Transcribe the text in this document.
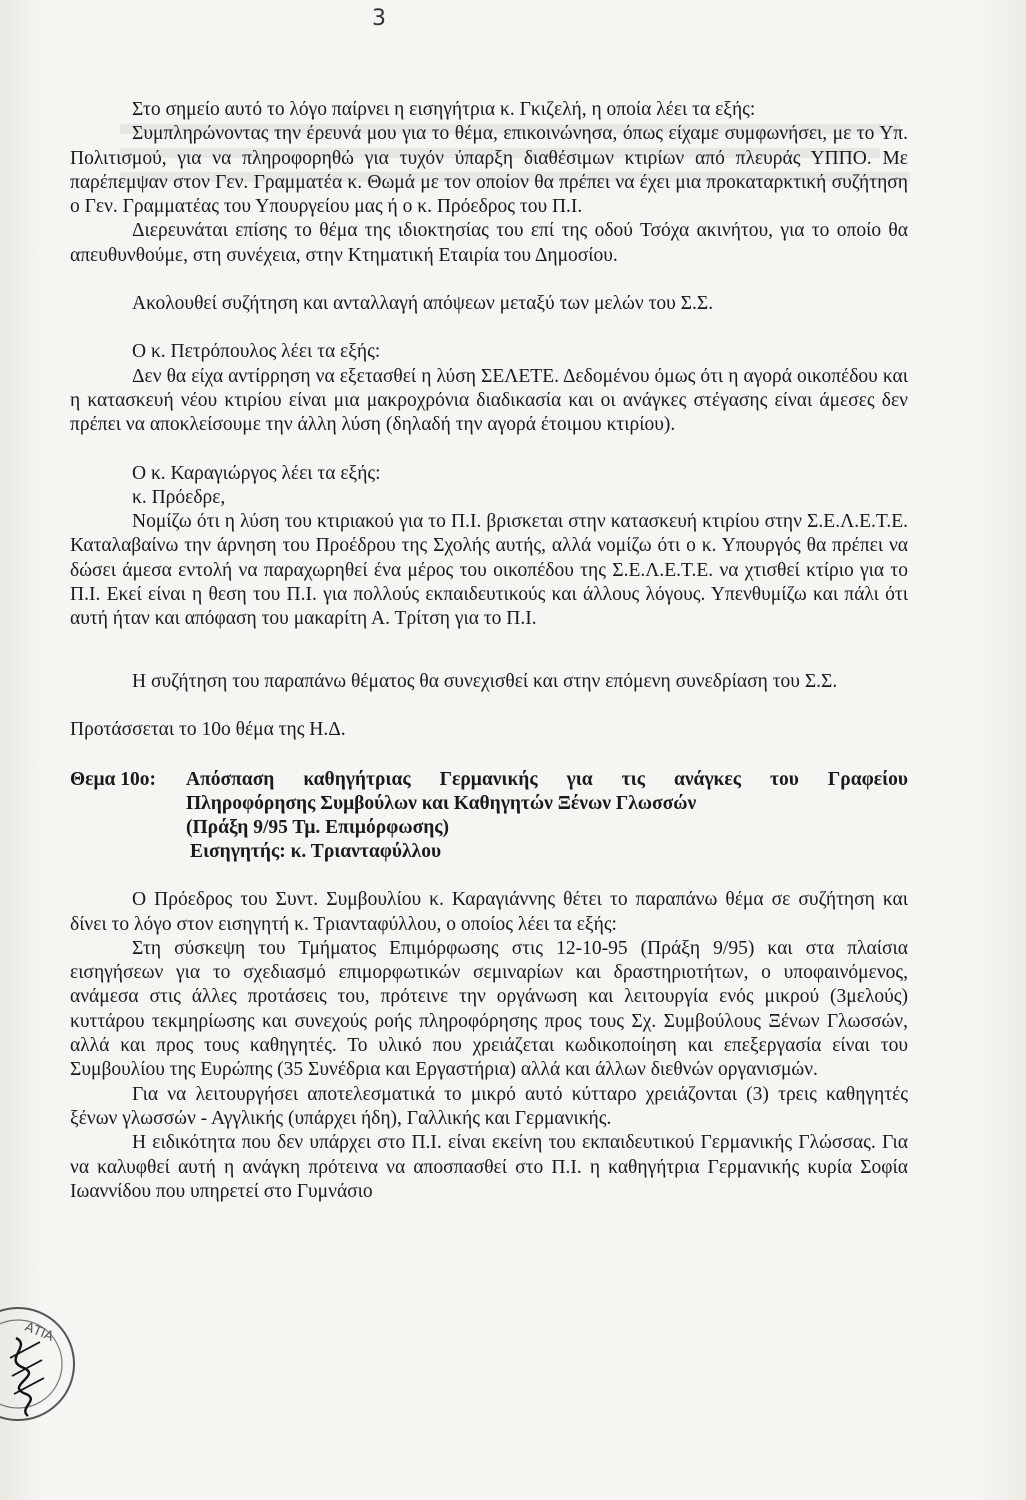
3

Στο σημείο αυτό το λόγο παίρνει η εισηγήτρια κ. Γκιζελή, η οποία λέει τα εξής:

Συμπληρώνοντας την έρευνά μου για το θέμα, επικοινώνησα, όπως είχαμε συμφωνήσει, με το Υπ. Πολιτισμού, για να πληροφορηθώ για τυχόν ύπαρξη διαθέσιμων κτιρίων από πλευράς ΥΠΠΟ. Με παρέπεμψαν στον Γεν. Γραμματέα κ. Θωμά με τον οποίον θα πρέπει να έχει μια προκαταρκτική συζήτηση ο Γεν. Γραμματέας του Υπουργείου μας ή ο κ. Πρόεδρος του Π.Ι.

Διερευνάται επίσης το θέμα της ιδιοκτησίας του επί της οδού Τσόχα ακινήτου, για το οποίο θα απευθυνθούμε, στη συνέχεια, στην Κτηματική Εταιρία του Δημοσίου.

Ακολουθεί συζήτηση και ανταλλαγή απόψεων μεταξύ των μελών του Σ.Σ.

Ο κ. Πετρόπουλος λέει τα εξής:

Δεν θα είχα αντίρρηση να εξετασθεί η λύση ΣΕΛΕΤΕ. Δεδομένου όμως ότι η αγορά οικοπέδου και η κατασκευή νέου κτιρίου είναι μια μακροχρόνια διαδικασία και οι ανάγκες στέγασης είναι άμεσες δεν πρέπει να αποκλείσουμε την άλλη λύση (δηλαδή την αγορά έτοιμου κτιρίου).

Ο κ. Καραγιώργος λέει τα εξής:

κ. Πρόεδρε,

Νομίζω ότι η λύση του κτιριακού για το Π.Ι. βρισκεται στην κατασκευή κτιρίου στην Σ.Ε.Λ.Ε.Τ.Ε. Καταλαβαίνω την άρνηση του Προέδρου της Σχολής αυτής, αλλά νομίζω ότι ο κ. Υπουργός θα πρέπει να δώσει άμεσα εντολή να παραχωρηθεί ένα μέρος του οικοπέδου της Σ.Ε.Λ.Ε.Τ.Ε. να χτισθεί κτίριο για το Π.Ι. Εκεί είναι η θεση του Π.Ι. για πολλούς εκπαιδευτικούς και άλλους λόγους. Υπενθυμίζω και πάλι ότι αυτή ήταν και απόφαση του μακαρίτη Α. Τρίτση για το Π.Ι.

Η συζήτηση του παραπάνω θέματος θα συνεχισθεί και στην επόμενη συνεδρίαση του Σ.Σ.

Προτάσσεται το 10ο θέμα της Η.Δ.

Θεμα 10ο:	Απόσπαση καθηγήτριας Γερμανικής για τις ανάγκες του Γραφείου
Πληροφόρησης Συμβούλων και Καθηγητών Ξένων Γλωσσών
(Πράξη 9/95 Τμ. Επιμόρφωσης)
Εισηγητής: κ. Τριανταφύλλου

Ο Πρόεδρος του Συντ. Συμβουλίου κ. Καραγιάννης θέτει το παραπάνω θέμα σε συζήτηση και δίνει το λόγο στον εισηγητή κ. Τριανταφύλλου, ο οποίος λέει τα εξής:

Στη σύσκεψη του Τμήματος Επιμόρφωσης στις 12-10-95 (Πράξη 9/95) και στα πλαίσια εισηγήσεων για το σχεδιασμό επιμορφωτικών σεμιναρίων και δραστηριοτήτων, ο υποφαινόμενος, ανάμεσα στις άλλες προτάσεις του, πρότεινε την οργάνωση και λειτουργία ενός μικρού (3μελούς) κυττάρου τεκμηρίωσης και συνεχούς ροής πληροφόρησης προς τους Σχ. Συμβούλους Ξένων Γλωσσών, αλλά και προς τους καθηγητές. Το υλικό που χρειάζεται κωδικοποίηση και επεξεργασία είναι του Συμβουλίου της Ευρώπης (35 Συνέδρια και Εργαστήρια) αλλά και άλλων διεθνών οργανισμών.

Για να λειτουργήσει αποτελεσματικά το μικρό αυτό κύτταρο χρειάζονται (3) τρεις καθηγητές ξένων γλωσσών - Αγγλικής (υπάρχει ήδη), Γαλλικής και Γερμανικής.

Η ειδικότητα που δεν υπάρχει στο Π.Ι. είναι εκείνη του εκπαιδευτικού Γερμανικής Γλώσσας. Για να καλυφθεί αυτή η ανάγκη πρότεινα να αποσπασθεί στο Π.Ι. η καθηγήτρια Γερμανικής κυρία Σοφία Ιωαννίδου που υπηρετεί στο Γυμνάσιο

ΑΤΙΑ
